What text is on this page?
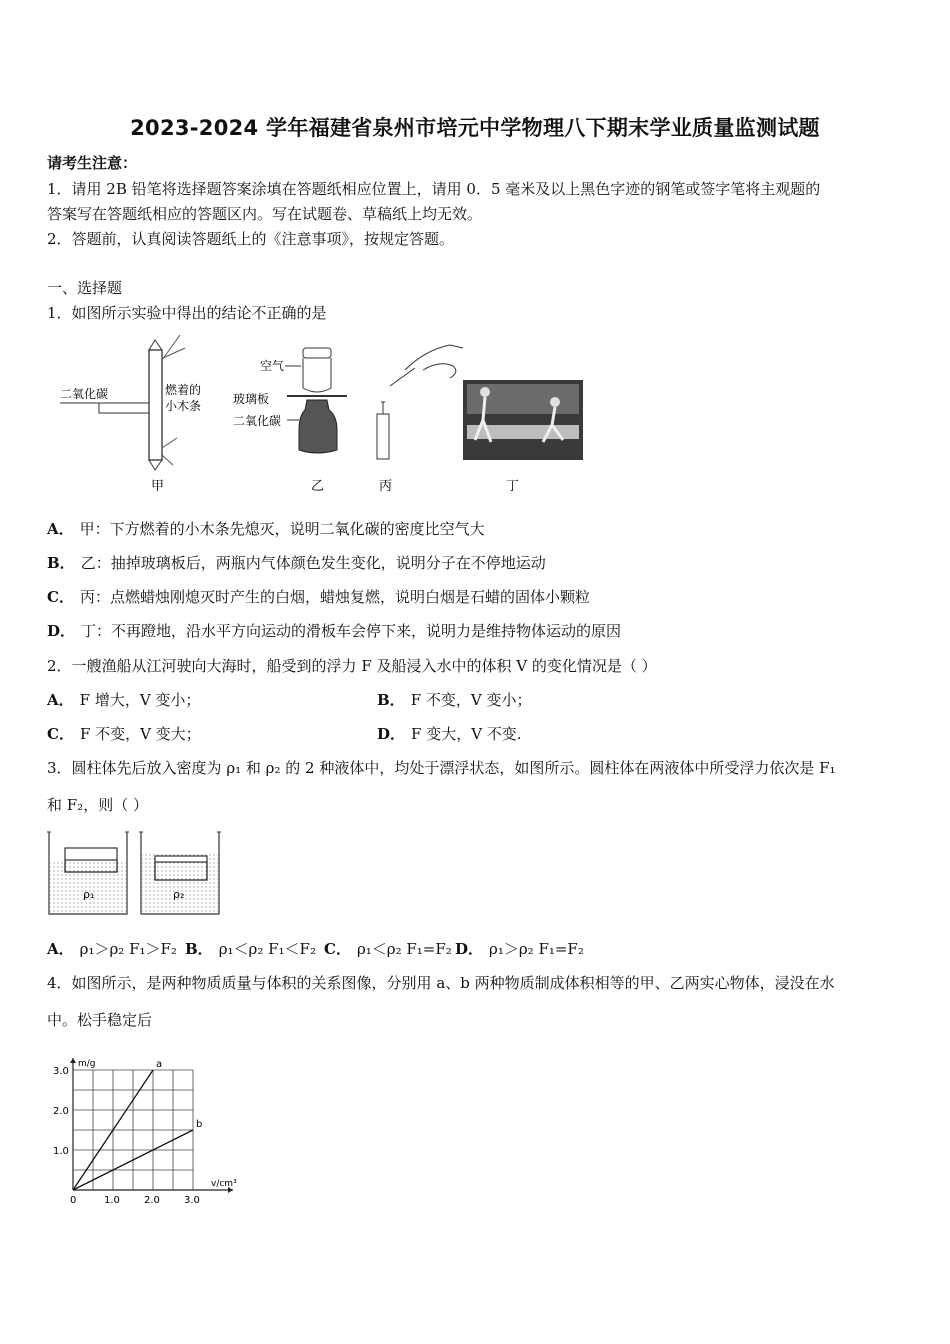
2023-2024 学年福建省泉州市培元中学物理八下期末学业质量监测试题
请考生注意：
1．请用 2B 铅笔将选择题答案涂填在答题纸相应位置上，请用 0．5 毫米及以上黑色字迹的钢笔或签字笔将主观题的
答案写在答题纸相应的答题区内。写在试题卷、草稿纸上均无效。
2．答题前，认真阅读答题纸上的《注意事项》，按规定答题。
一、选择题
1．如图所示实验中得出的结论不正确的是
二氧化碳	燃着的
小木条
甲
空气
玻璃板
二氧化碳
乙	丙	丁
A． 甲：下方燃着的小木条先熄灭，说明二氧化碳的密度比空气大
B． 乙：抽掉玻璃板后，两瓶内气体颜色发生变化，说明分子在不停地运动
C． 丙：点燃蜡烛刚熄灭时产生的白烟，蜡烛复燃，说明白烟是石蜡的固体小颗粒
D． 丁：不再蹬地，沿水平方向运动的滑板车会停下来，说明力是维持物体运动的原因
2．一艘渔船从江河驶向大海时，船受到的浮力 F 及船浸入水中的体积 V 的变化情况是（ ）
A． F 增大，V 变小；	B． F 不变，V 变小；
C． F 不变，V 变大；	D． F 变大，V 不变.
3．圆柱体先后放入密度为 ρ₁ 和 ρ₂ 的 2 种液体中，均处于漂浮状态，如图所示。圆柱体在两液体中所受浮力依次是 F₁
和 F₂，则（ ）
ρ₁	ρ₂
A． ρ₁＞ρ₂ F₁＞F₂ B． ρ₁＜ρ₂ F₁＜F₂ C． ρ₁＜ρ₂ F₁=F₂ D． ρ₁＞ρ₂ F₁=F₂
4．如图所示，是两种物质质量与体积的关系图像，分别用 a、b 两种物质制成体积相等的甲、乙两实心物体，浸没在水
中。松手稳定后
0	1.0 2.0 3.0
1.0
2.0
3.0
a
b
v/cm³
m/g
